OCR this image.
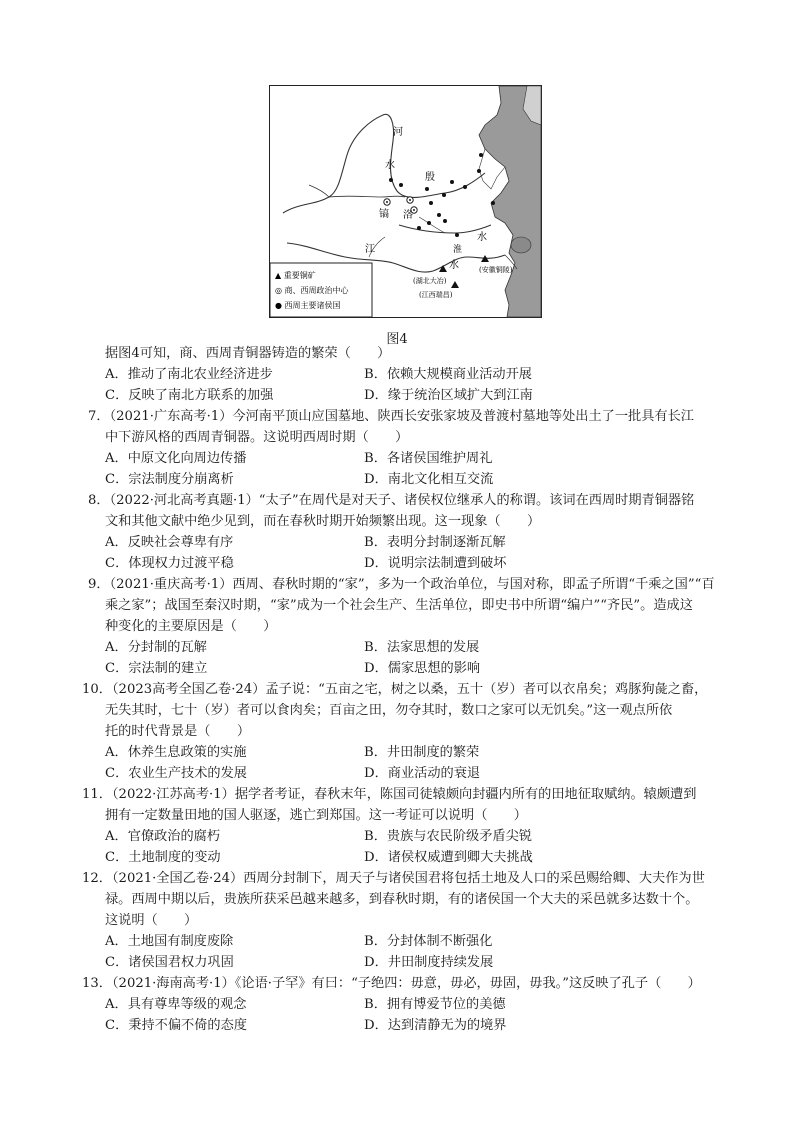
河
水
殷
洛
镐
淮
水
江
水
(湖北大冶)
(江西瑞昌)
(安徽铜陵)
▲ 重要铜矿
◎ 商、西周政治中心
● 西周主要诸侯国
图4
据图4可知，商、西周青铜器铸造的繁荣（　　）
A．推动了南北农业经济进步	B．依赖大规模商业活动开展
C．反映了南北方联系的加强	D．缘于统治区域扩大到江南
7．（2021·广东高考·1）今河南平顶山应国墓地、陕西长安张家坡及普渡村墓地等处出土了一批具有长江
中下游风格的西周青铜器。这说明西周时期（　　）
A．中原文化向周边传播	B．各诸侯国维护周礼
C．宗法制度分崩离析	D．南北文化相互交流
8．（2022·河北高考真题·1）“太子”在周代是对天子、诸侯权位继承人的称谓。该词在西周时期青铜器铭
文和其他文献中绝少见到，而在春秋时期开始频繁出现。这一现象（　　）
A．反映社会尊卑有序	B．表明分封制逐渐瓦解
C．体现权力过渡平稳	D．说明宗法制遭到破坏
9．（2021·重庆高考·1）西周、春秋时期的“家”，多为一个政治单位，与国对称，即孟子所谓“千乘之国”“百
乘之家”；战国至秦汉时期，“家”成为一个社会生产、生活单位，即史书中所谓“编户”“齐民”。造成这
种变化的主要原因是（　　）
A．分封制的瓦解	B．法家思想的发展
C．宗法制的建立	D．儒家思想的影响
10．（2023高考全国乙卷·24）孟子说：“五亩之宅，树之以桑，五十（岁）者可以衣帛矣；鸡豚狗彘之畜，
无失其时，七十（岁）者可以食肉矣；百亩之田，勿夺其时，数口之家可以无饥矣。”这一观点所依
托的时代背景是（　　）
A．休养生息政策的实施	B．井田制度的繁荣
C．农业生产技术的发展	D．商业活动的衰退
11．（2022·江苏高考·1）据学者考证，春秋末年，陈国司徒辕颇向封疆内所有的田地征取赋纳。辕颇遭到
拥有一定数量田地的国人驱逐，逃亡到郑国。这一考证可以说明（　　）
A．官僚政治的腐朽	B．贵族与农民阶级矛盾尖锐
C．土地制度的变动	D．诸侯权威遭到卿大夫挑战
12．（2021·全国乙卷·24）西周分封制下，周天子与诸侯国君将包括土地及人口的采邑赐给卿、大夫作为世
禄。西周中期以后，贵族所获采邑越来越多，到春秋时期，有的诸侯国一个大夫的采邑就多达数十个。
这说明（　　）
A．土地国有制度废除	B．分封体制不断强化
C．诸侯国君权力巩固	D．井田制度持续发展
13．（2021·海南高考·1）《论语·子罕》有曰：“子绝四：毋意，毋必，毋固，毋我。”这反映了孔子（　　）
A．具有尊卑等级的观念	B．拥有博爱节位的美德
C．秉持不偏不倚的态度	D．达到清静无为的境界
